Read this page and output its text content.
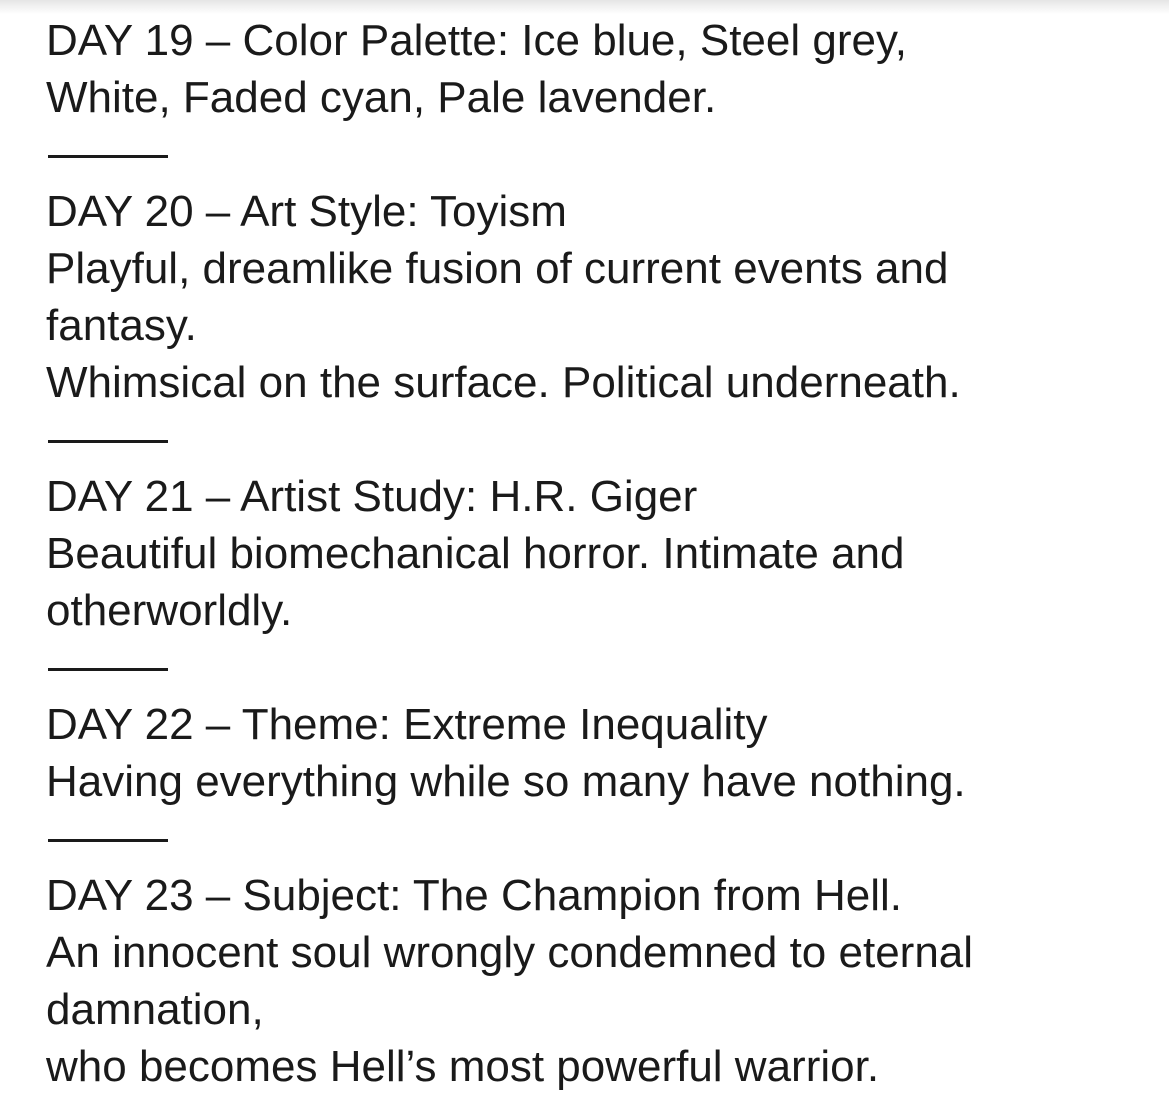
DAY 19 – Color Palette: Ice blue, Steel grey,
White, Faded cyan, Pale lavender.
DAY 20 – Art Style: Toyism
Playful, dreamlike fusion of current events and
fantasy.
Whimsical on the surface. Political underneath.
DAY 21 – Artist Study: H.R. Giger
Beautiful biomechanical horror. Intimate and
otherworldly.
DAY 22 – Theme: Extreme Inequality
Having everything while so many have nothing.
DAY 23 – Subject: The Champion from Hell.
An innocent soul wrongly condemned to eternal
damnation,
who becomes Hell’s most powerful warrior.
